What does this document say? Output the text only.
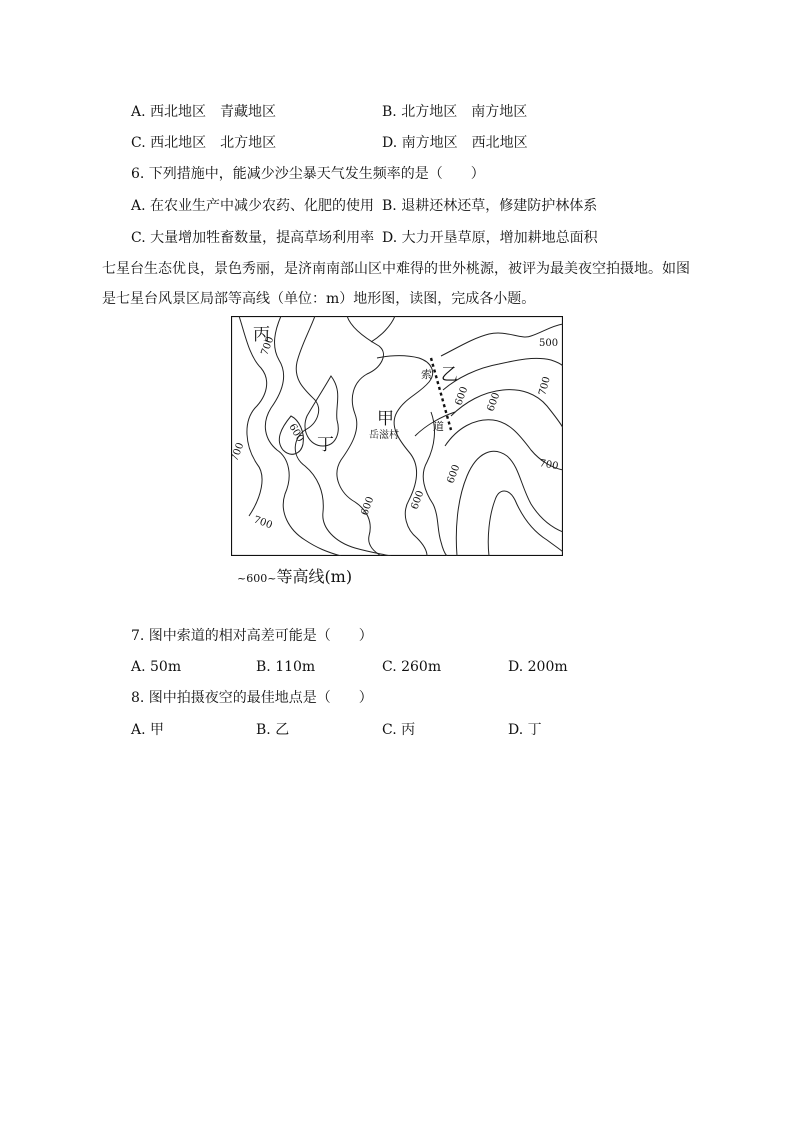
A. 西北地区　青藏地区	B. 北方地区　南方地区
C. 西北地区　北方地区	D. 南方地区　西北地区
6. 下列措施中，能减少沙尘暴天气发生频率的是（　　）
A. 在农业生产中减少农药、化肥的使用 B. 退耕还林还草，修建防护林体系
C. 大量增加牲畜数量，提高草场利用率 D. 大力开垦草原，增加耕地总面积
七星台生态优良，景色秀丽，是济南南部山区中难得的世外桃源，被评为最美夜空拍摄地。如图
是七星台风景区局部等高线（单位：m）地形图，读图，完成各小题。
丙
乙
甲
丁	岳滋村
索
道
700
600
700
600
700
700
600
600
600
500
700
600
~600~等高线(m)
7. 图中索道的相对高差可能是（　　）
A. 50m	B. 110m	C. 260m	D. 200m
8. 图中拍摄夜空的最佳地点是（　　）
A. 甲	B. 乙	C. 丙	D. 丁
